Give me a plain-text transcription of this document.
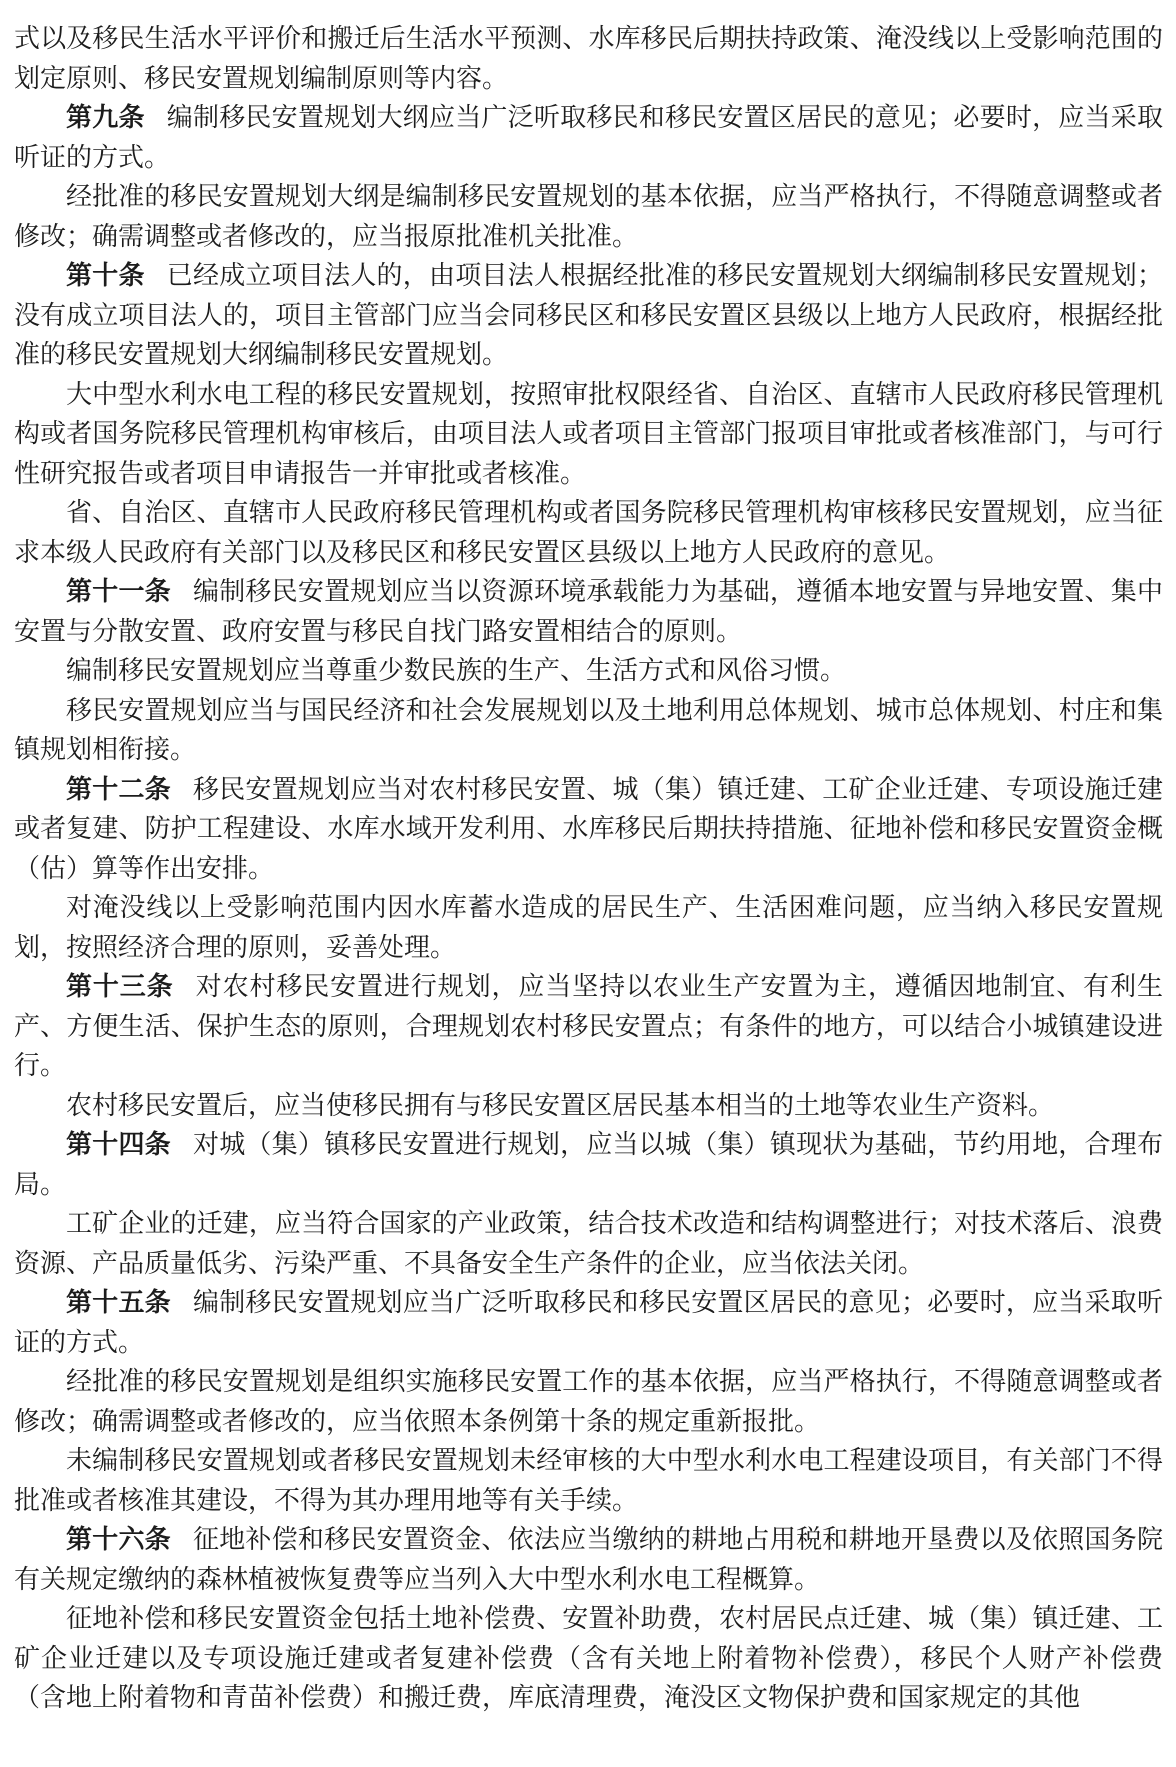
式以及移民生活水平评价和搬迁后生活水平预测、水库移民后期扶持政策、淹没线以上受影响范围的划定原则、移民安置规划编制原则等内容。

第九条 编制移民安置规划大纲应当广泛听取移民和移民安置区居民的意见；必要时，应当采取听证的方式。

经批准的移民安置规划大纲是编制移民安置规划的基本依据，应当严格执行，不得随意调整或者修改；确需调整或者修改的，应当报原批准机关批准。

第十条 已经成立项目法人的，由项目法人根据经批准的移民安置规划大纲编制移民安置规划；没有成立项目法人的，项目主管部门应当会同移民区和移民安置区县级以上地方人民政府，根据经批准的移民安置规划大纲编制移民安置规划。

大中型水利水电工程的移民安置规划，按照审批权限经省、自治区、直辖市人民政府移民管理机构或者国务院移民管理机构审核后，由项目法人或者项目主管部门报项目审批或者核准部门，与可行性研究报告或者项目申请报告一并审批或者核准。

省、自治区、直辖市人民政府移民管理机构或者国务院移民管理机构审核移民安置规划，应当征求本级人民政府有关部门以及移民区和移民安置区县级以上地方人民政府的意见。

第十一条 编制移民安置规划应当以资源环境承载能力为基础，遵循本地安置与异地安置、集中安置与分散安置、政府安置与移民自找门路安置相结合的原则。

编制移民安置规划应当尊重少数民族的生产、生活方式和风俗习惯。

移民安置规划应当与国民经济和社会发展规划以及土地利用总体规划、城市总体规划、村庄和集镇规划相衔接。

第十二条 移民安置规划应当对农村移民安置、城（集）镇迁建、工矿企业迁建、专项设施迁建或者复建、防护工程建设、水库水域开发利用、水库移民后期扶持措施、征地补偿和移民安置资金概（估）算等作出安排。

对淹没线以上受影响范围内因水库蓄水造成的居民生产、生活困难问题，应当纳入移民安置规划，按照经济合理的原则，妥善处理。

第十三条 对农村移民安置进行规划，应当坚持以农业生产安置为主，遵循因地制宜、有利生产、方便生活、保护生态的原则，合理规划农村移民安置点；有条件的地方，可以结合小城镇建设进行。

农村移民安置后，应当使移民拥有与移民安置区居民基本相当的土地等农业生产资料。

第十四条 对城（集）镇移民安置进行规划，应当以城（集）镇现状为基础，节约用地，合理布局。

工矿企业的迁建，应当符合国家的产业政策，结合技术改造和结构调整进行；对技术落后、浪费资源、产品质量低劣、污染严重、不具备安全生产条件的企业，应当依法关闭。

第十五条 编制移民安置规划应当广泛听取移民和移民安置区居民的意见；必要时，应当采取听证的方式。

经批准的移民安置规划是组织实施移民安置工作的基本依据，应当严格执行，不得随意调整或者修改；确需调整或者修改的，应当依照本条例第十条的规定重新报批。

未编制移民安置规划或者移民安置规划未经审核的大中型水利水电工程建设项目，有关部门不得批准或者核准其建设，不得为其办理用地等有关手续。

第十六条 征地补偿和移民安置资金、依法应当缴纳的耕地占用税和耕地开垦费以及依照国务院有关规定缴纳的森林植被恢复费等应当列入大中型水利水电工程概算。

征地补偿和移民安置资金包括土地补偿费、安置补助费，农村居民点迁建、城（集）镇迁建、工矿企业迁建以及专项设施迁建或者复建补偿费（含有关地上附着物补偿费），移民个人财产补偿费（含地上附着物和青苗补偿费）和搬迁费，库底清理费，淹没区文物保护费和国家规定的其他
